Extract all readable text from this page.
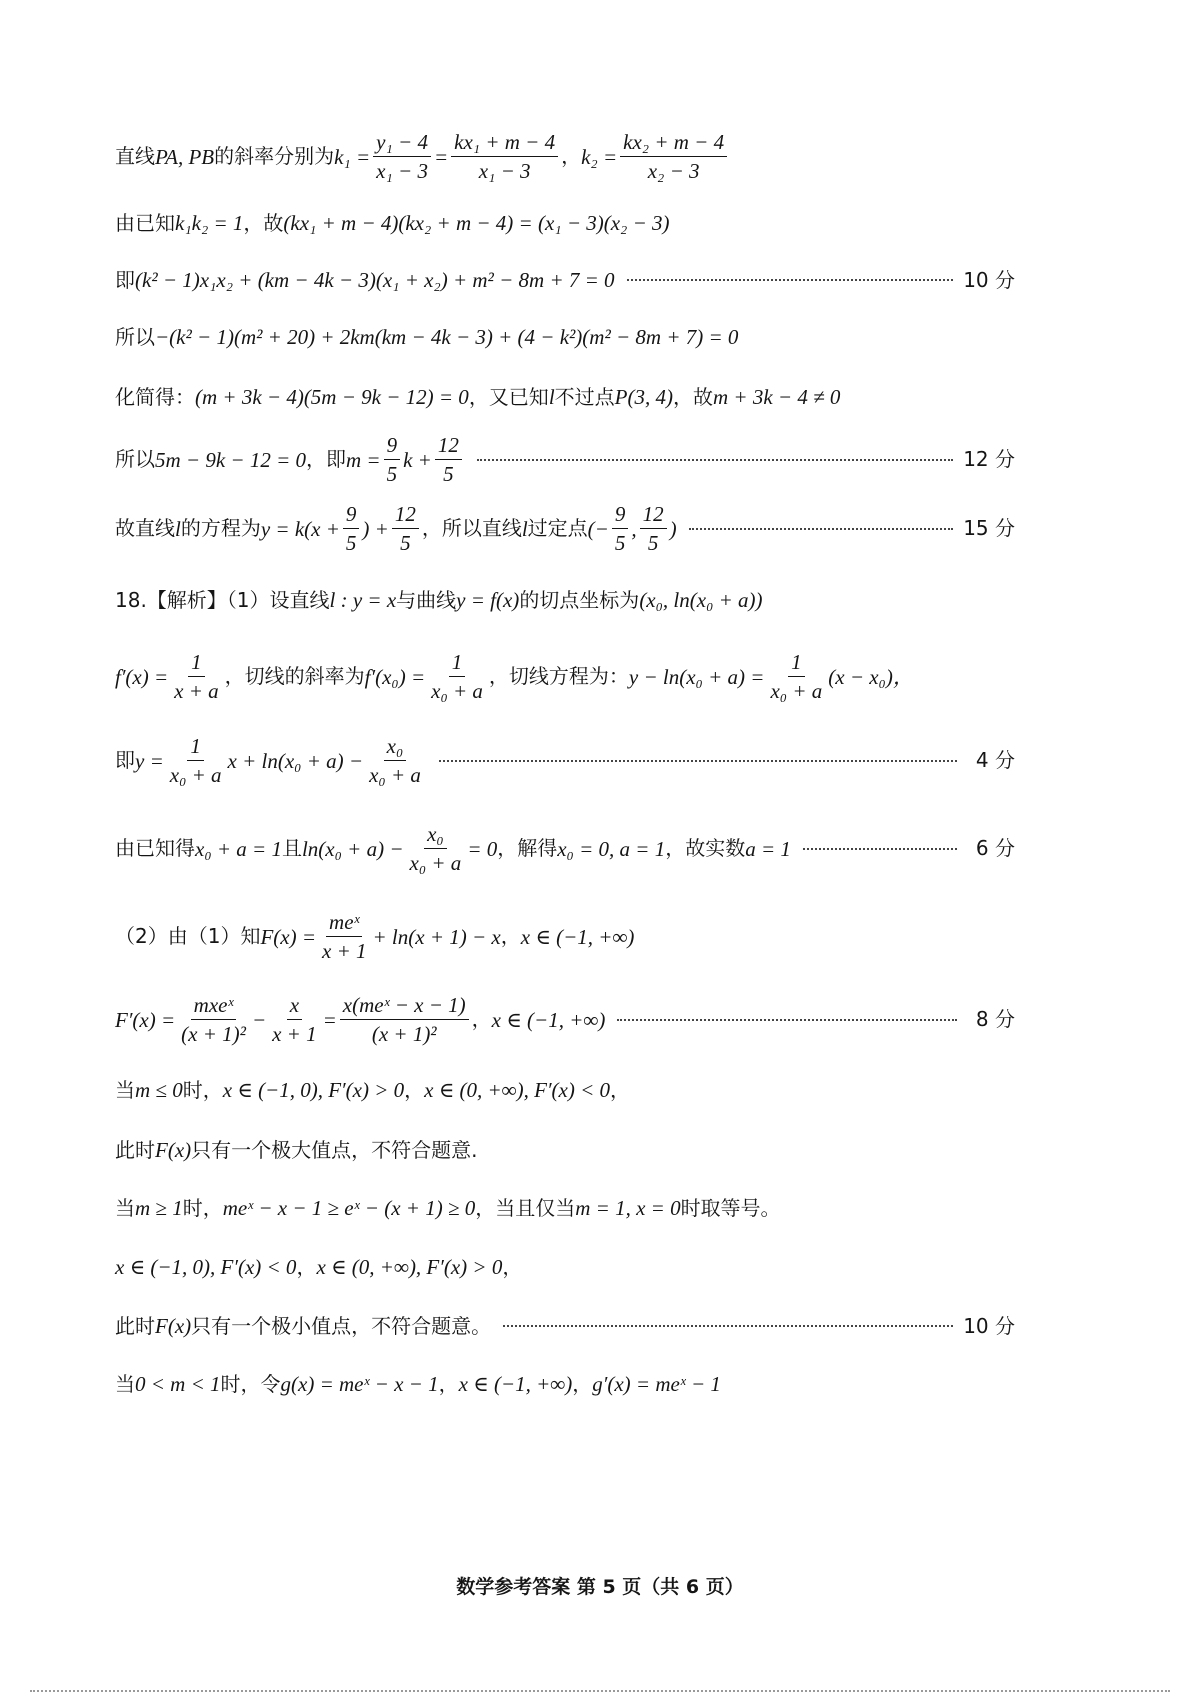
直线 PA, PB 的斜率分别为 $k_1 = \frac{\text{y₁ − 4}}{\text{x₁ − 3}} = \frac{\text{kx₁ + m − 4}}{\text{x₁ − 3}}$ ， $k_2 = \frac{\text{kx₂ + m − 4}}{\text{x₂ − 3}}$
由已知 k₁k₂ = 1 ，故 (kx₁ + m − 4)(kx₂ + m − 4) = (x₁ − 3)(x₂ − 3)
即 (k² − 1)x₁x₂ + (km − 4k − 3)(x₁ + x₂) + m² − 8m + 7 = 0	10 分
所以 −(k² − 1)(m² + 20) + 2km(km − 4k − 3) + (4 − k²)(m² − 8m + 7) = 0
化简得： (m + 3k − 4)(5m − 9k − 12) = 0 ，又已知 l 不过点 P(3, 4) ，故 m + 3k − 4 ≠ 0
所以 5m − 9k − 12 = 0 ，即 $m = \frac{9}{5}$ $k + \frac{12}{5}$	12 分
故直线 l 的方程为 $y = k(x + \frac{9}{5}$ ) + $\frac{12}{5}$ ，所以直线 l 过定点 (− $\frac{9}{5}$ , $\frac{12}{5}$ )	15 分
18.【解析】（1）设直线 l : y = x 与曲线 y = f(x) 的切点坐标为 (x₀, ln(x₀ + a))
$f'(x) = \frac{1}{x + a}$ ，切线的斜率为 $f'(x_0) = \frac{1}{\text{x₀ + a}}$ ，切线方程为： $y - \ln(x_0 + a) = \frac{1}{\text{x₀ + a}} (x - x_0)$，
即 $y = \frac{1}{\text{x₀ + a}}$ $x + \ln(x_0 + a) - \frac{\text{x₀}}{\text{x₀ + a}}$	4 分
由已知得 x₀ + a = 1 且 $\ln(x_0 + a) - \frac{\text{x₀}}{\text{x₀ + a}} = 0$ ，解得 x₀ = 0, a = 1 ，故实数 a = 1	6 分
（2）由（1）知 $F(x) = \frac{\text{meˣ}}{x + 1} + \ln(x + 1) - x$ ， x ∈ (−1, +∞)
$F'(x) = \frac{\text{mxeˣ}}{\text{(x + 1)²}} - \frac{x}{x + 1} = \frac{\text{x(meˣ − x − 1)}}{\text{(x + 1)²}}$ ， x ∈ (−1, +∞)	8 分
当 m ≤ 0 时， x ∈ (−1, 0), F′(x) > 0 ， x ∈ (0, +∞), F′(x) < 0 ，
此时 F(x) 只有一个极大值点，不符合题意.
当 m ≥ 1 时， meˣ − x − 1 ≥ eˣ − (x + 1) ≥ 0 ，当且仅当 m = 1, x = 0 时取等号。
x ∈ (−1, 0), F′(x) < 0 ， x ∈ (0, +∞), F′(x) > 0 ，
此时 F(x) 只有一个极小值点，不符合题意。	10 分
当 0 < m < 1 时，令 g(x) = meˣ − x − 1 ， x ∈ (−1, +∞) ， g′(x) = meˣ − 1
数学参考答案 第 5 页（共 6 页）
